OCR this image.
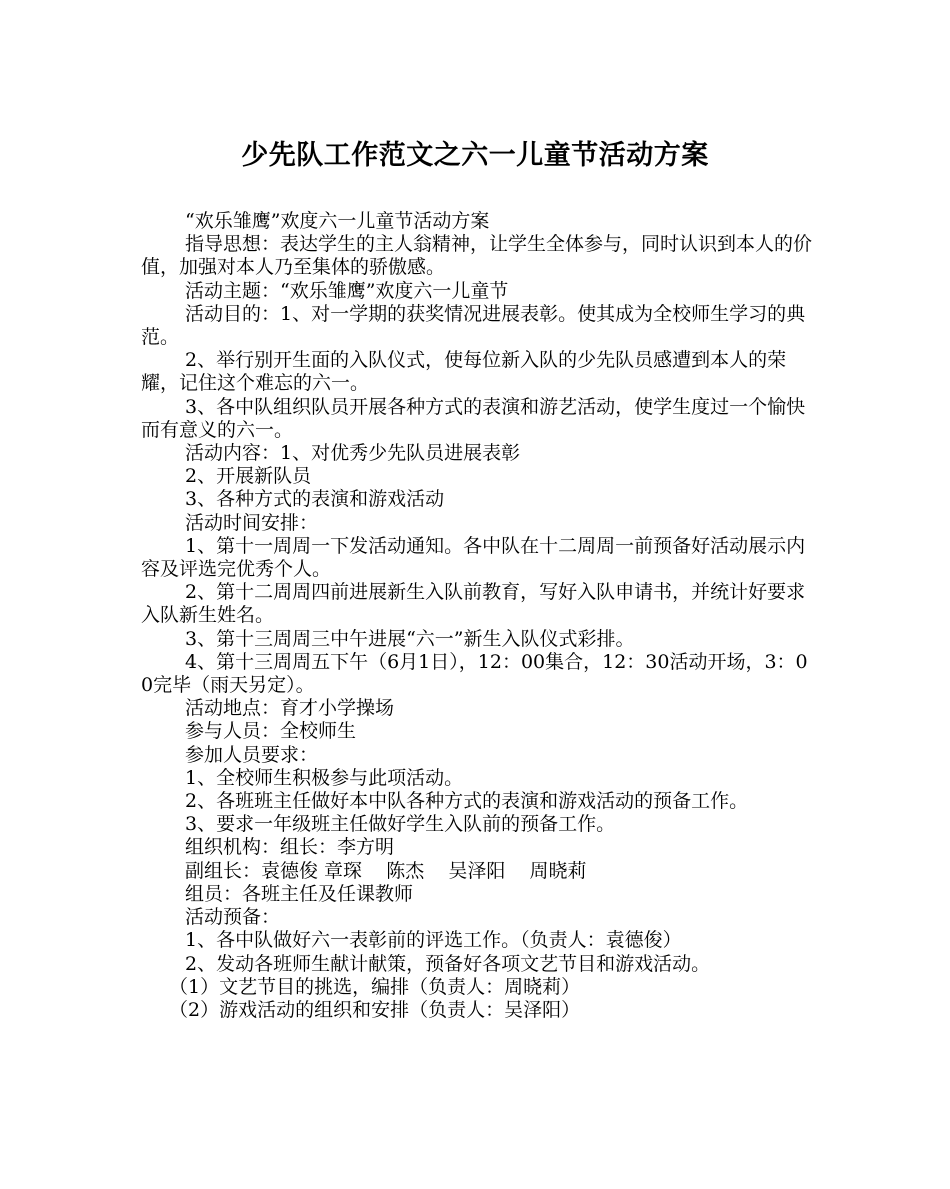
少先队工作范文之六一儿童节活动方案

“欢乐雏鹰”欢度六一儿童节活动方案

指导思想：表达学生的主人翁精神，让学生全体参与，同时认识到本人的价值，加强对本人乃至集体的骄傲感。

活动主题：“欢乐雏鹰”欢度六一儿童节

活动目的：1、对一学期的获奖情况进展表彰。使其成为全校师生学习的典范。

2、举行别开生面的入队仪式，使每位新入队的少先队员感遭到本人的荣耀，记住这个难忘的六一。

3、各中队组织队员开展各种方式的表演和游艺活动，使学生度过一个愉快而有意义的六一。

活动内容：1、对优秀少先队员进展表彰

2、开展新队员

3、各种方式的表演和游戏活动

活动时间安排：

1、第十一周周一下发活动通知。各中队在十二周周一前预备好活动展示内容及评选完优秀个人。

2、第十二周周四前进展新生入队前教育，写好入队申请书，并统计好要求入队新生姓名。

3、第十三周周三中午进展“六一”新生入队仪式彩排。

4、第十三周周五下午（6月1日），12：00集合，12：30活动开场，3：00完毕（雨天另定）。

活动地点：育才小学操场

参与人员：全校师生

参加人员要求：

1、全校师生积极参与此项活动。

2、各班班主任做好本中队各种方式的表演和游戏活动的预备工作。

3、要求一年级班主任做好学生入队前的预备工作。

组织机构：组长：李方明

副组长：袁德俊 章琛    陈杰    吴泽阳    周晓莉

组员：各班主任及任课教师

活动预备：

1、各中队做好六一表彰前的评选工作。（负责人：袁德俊）

2、发动各班师生献计献策，预备好各项文艺节目和游戏活动。

（1）文艺节目的挑选，编排（负责人：周晓莉）

（2）游戏活动的组织和安排（负责人：吴泽阳）
